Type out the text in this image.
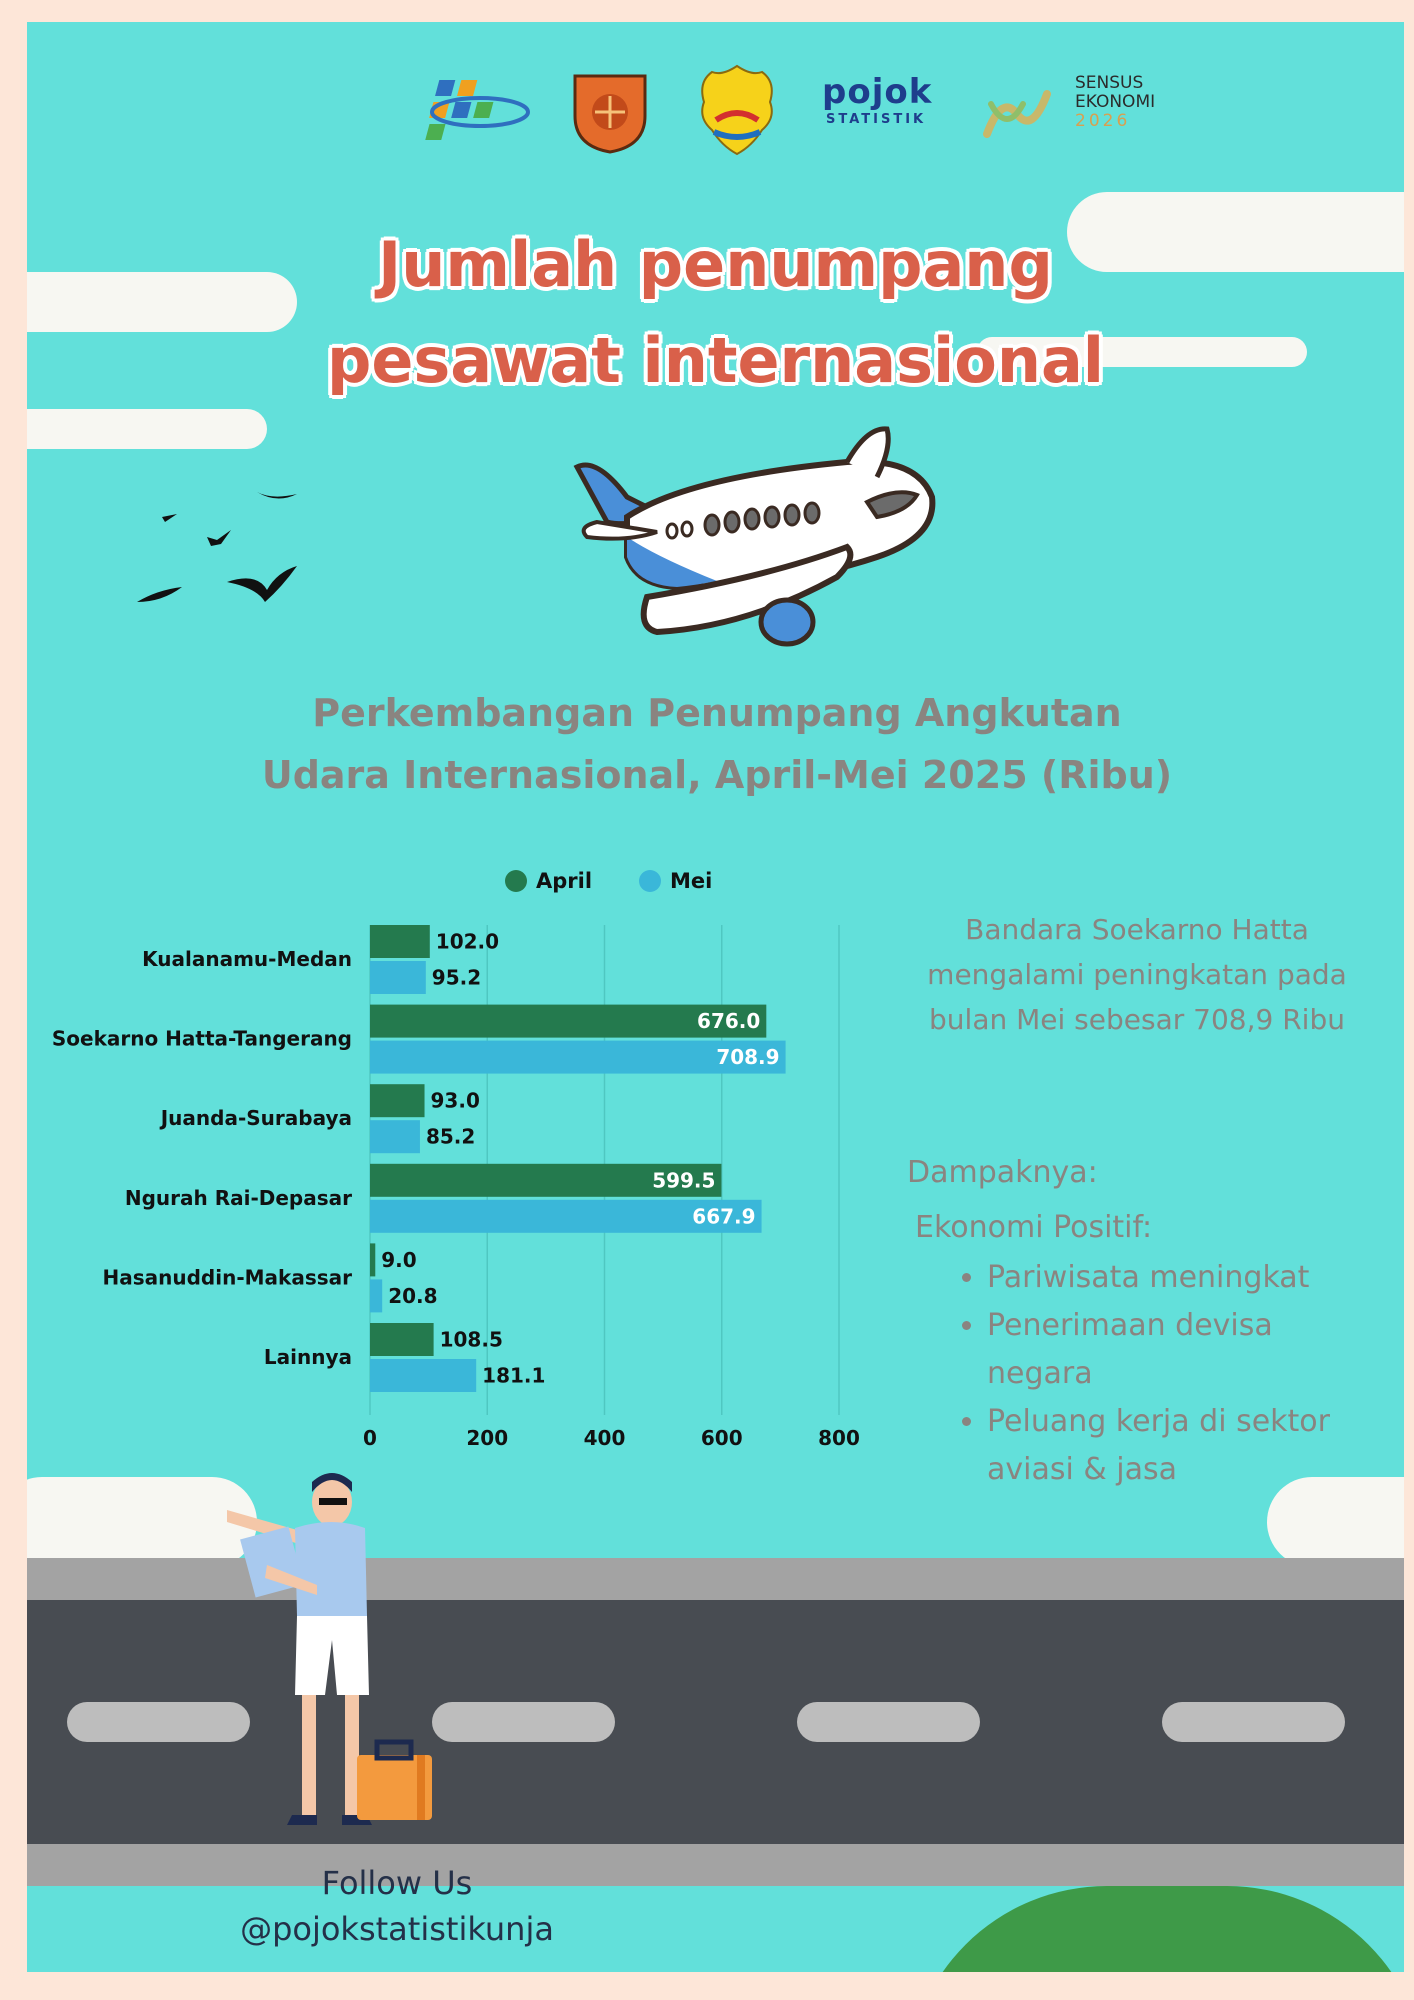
pojok
STATISTIK
SENSUS
EKONOMI
2026
Jumlah penumpang
pesawat internasional
Perkembangan Penumpang Angkutan
Udara Internasional, April-Mei 2025 (Ribu)
0	200	400	600	800
April	Mei
Kualanamu-Medan
102.0
95.2
Soekarno Hatta-Tangerang
676.0
708.9
Juanda-Surabaya
93.0
85.2
Ngurah Rai-Depasar
599.5
667.9
Hasanuddin-Makassar
9.0
20.8
Lainnya
108.5
181.1
Bandara Soekarno Hatta mengalami peningkatan pada bulan Mei sebesar 708,9 Ribu
Dampaknya:
Ekonomi Positif:
• Pariwisata meningkat
• Penerimaan devisa negara
• Peluang kerja di sektor aviasi & jasa
Follow Us
@pojokstatistikunja
